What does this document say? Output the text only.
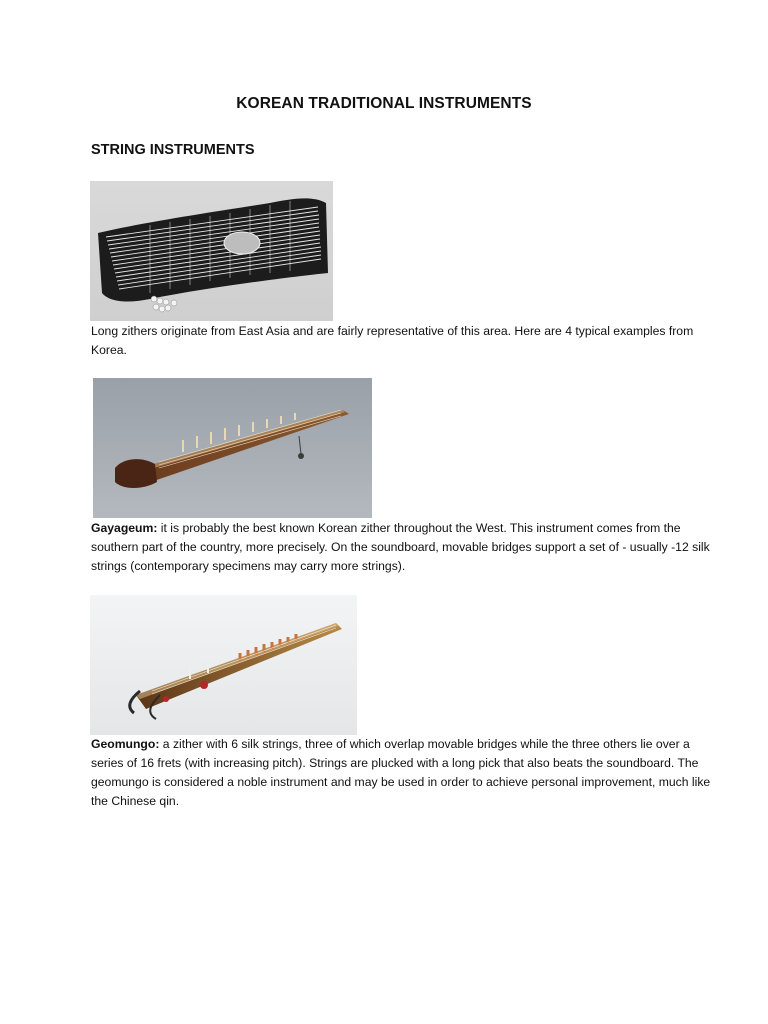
KOREAN TRADITIONAL INSTRUMENTS
STRING INSTRUMENTS
Long zithers originate from East Asia and are fairly representative of this area. Here are 4 typical examples from Korea.
Gayageum: it is probably the best known Korean zither throughout the West. This instrument comes from the southern part of the country, more precisely. On the soundboard, movable bridges support a set of - usually -12 silk strings (contemporary specimens may carry more strings).
Geomungo: a zither with 6 silk strings, three of which overlap movable bridges while the three others lie over a series of 16 frets (with increasing pitch). Strings are plucked with a long pick that also beats the soundboard. The geomungo is considered a noble instrument and may be used in order to achieve personal improvement, much like the Chinese qin.
